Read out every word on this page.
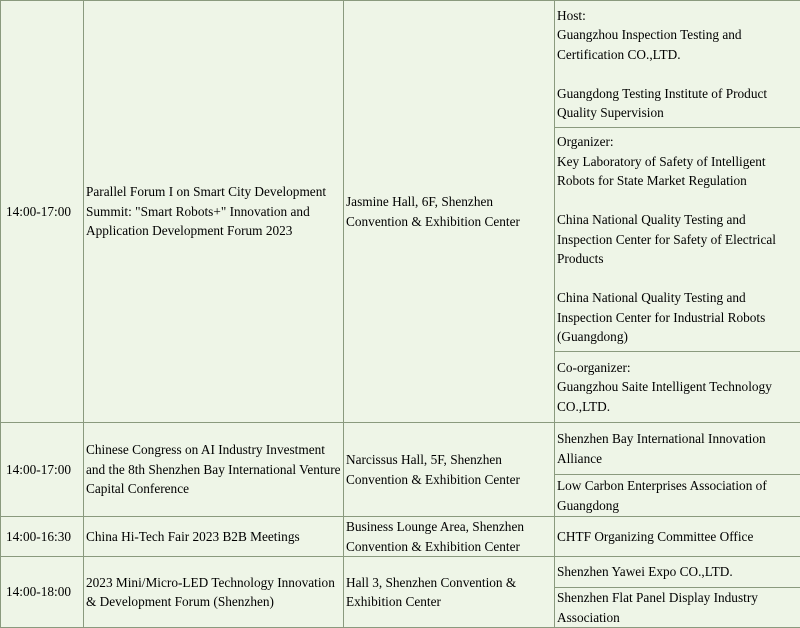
14:00-17:00	Parallel Forum I on Smart City Development Summit: "Smart Robots+" Innovation and Application Development Forum 2023	Jasmine Hall, 6F, Shenzhen Convention & Exhibition Center	Host:

Guangzhou Inspection Testing and Certification CO.,LTD.

Guangdong Testing Institute of Product Quality Supervision

			Organizer:

Key Laboratory of Safety of Intelligent Robots for State Market Regulation

China National Quality Testing and Inspection Center for Safety of Electrical Products

China National Quality Testing and Inspection Center for Industrial Robots (Guangdong)

			Co-organizer:

Guangzhou Saite Intelligent Technology CO.,LTD.

14:00-17:00	Chinese Congress on AI Industry Investment and the 8th Shenzhen Bay International Venture Capital Conference	Narcissus Hall, 5F, Shenzhen Convention & Exhibition Center	Shenzhen Bay International Innovation Alliance
			Low Carbon Enterprises Association of Guangdong
14:00-16:30	China Hi-Tech Fair 2023 B2B Meetings	Business Lounge Area, Shenzhen Convention & Exhibition Center	CHTF Organizing Committee Office
14:00-18:00	2023 Mini/Micro-LED Technology Innovation & Development Forum (Shenzhen)	Hall 3, Shenzhen Convention & Exhibition Center	Shenzhen Yawei Expo CO.,LTD.
			Shenzhen Flat Panel Display Industry Association
